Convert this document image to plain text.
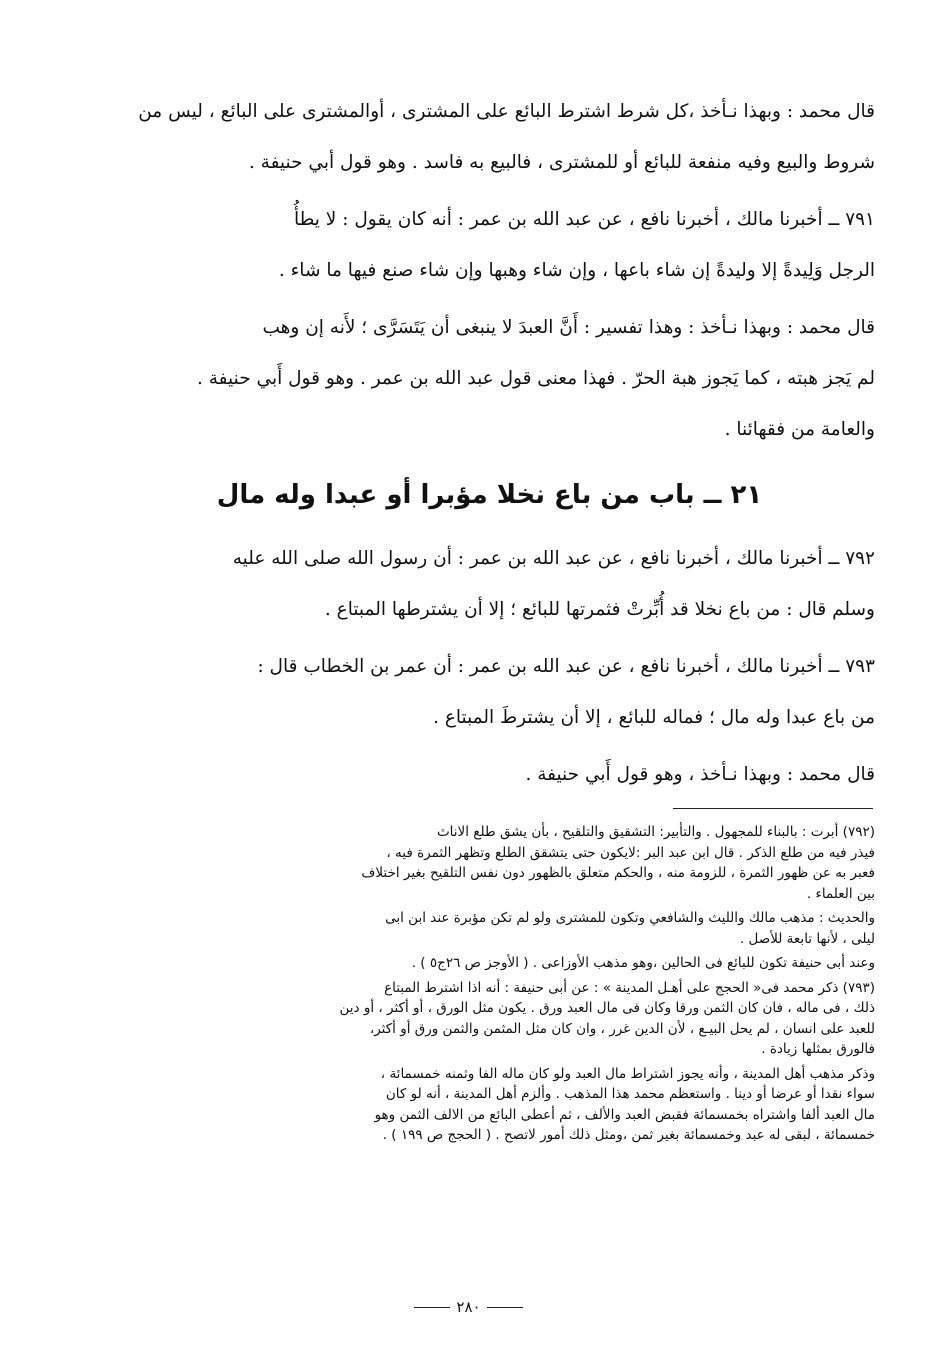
قال محمد : وبهذا نـأخذ ،كل شرط اشترط البائع على المشترى ، أوالمشترى على البائع ، ليس من
شروط والبيع وفيه منفعة للبائع أو للمشترى ، فالبيع به فاسد . وهو قول أبي حنيفة .

٧٩١ ــ أخبرنا مالك ، أخبرنا نافع ، عن عبد الله بن عمر : أنه كان يقول : لا يطأُ
الرجل وَلِيدةً إلا وليدةً إن شاء باعها ، وإن شاء وهبها وإن شاء صنع فيها ما شاء .

قال محمد : وبهذا نـأخذ : وهذا تفسير : أَنَّ العبدَ لا ينبغى أن يَتَسَرَّى ؛ لأَنه إن وهب
لم يَجز هبته ، كما يَجوز هبة الحرّ . فهذا معنى قول عبد الله بن عمر . وهو قول أَبي حنيفة .
والعامة من فقهائنا .

٢١ ــ باب من باع نخلا مؤبرا أو عبدا وله مال

٧٩٢ ــ أخبرنا مالك ، أخبرنا نافع ، عن عبد الله بن عمر : أن رسول الله صلى الله عليه
وسلم قال : من باع نخلا قد أُبِّرتْ فثمرتها للبائع ؛ إلا أن يشترطها المبتاع .

٧٩٣ ــ أخبرنا مالك ، أخبرنا نافع ، عن عبد الله بن عمر : أن عمر بن الخطاب قال :
من باع عبدا وله مال ؛ فماله للبائع ، إلا أن يشترطَ المبتاع .

قال محمد : وبهذا نـأخذ ، وهو قول أَبي حنيفة .

(٧٩٢) أبرت : بالبناء للمجهول . والتأبير: التشقيق والتلقيح ، بأن يشق طلع الاناث
فيذر فيه من طلع الذكر . قال ابن عبد البر :لايكون حتى يتشقق الطلع وتظهر الثمرة فيه ،
فعبر به عن ظهور الثمرة ، للزومة منه ، والحكم متعلق بالظهور دون نفس التلقيح بغير اختلاف
بين العلماء .
والحديث : مذهب مالك والليث والشافعي وتكون للمشترى ولو لم تكن مؤبرة عند ابن ابى
ليلى ، لأنها تابعة للأصل .
وعند أبى حنيفة تكون للبائع فى الحالين ،وهو مذهب الأوزاعى . ( الأوجز ص ٢٦ج٥ ) .
(٧٩٣) ذكر محمد فى« الحجج على أهـل المدينة » : عن أبى حنيفة : أنه اذا اشترط المبتاع
ذلك ، فى ماله ، فان كان الثمن ورقا وكان فى مال العبد ورق . يكون مثل الورق ، أو أكثر ، أو دين
للعبد على انسان ، لم يحل البيـع ، لأن الدين غرر ، وان كان مثل المثمن والثمن ورق أو أكثر،
فالورق بمثلها زيادة .
وذكر مذهب أهل المدينة ، وأنه يجوز اشتراط مال العبد ولو كان ماله الفا وثمنه خمسمائة ،
سواء نقدا أو عرضا أو دينا . واستعظم محمد هذا المذهب . وألزم أهل المدينة ، أنه لو كان
مال العبد ألفا واشتراه بخمسمائة فقبض العبد والألف ، ثم أعطى البائع من الالف الثمن وهو
خمسمائة ، لبقى له عبد وخمسمائة بغير ثمن ،ومثل ذلك أمور لاتصح . ( الحجج ص ١٩٩ ) .
٢٨٠
